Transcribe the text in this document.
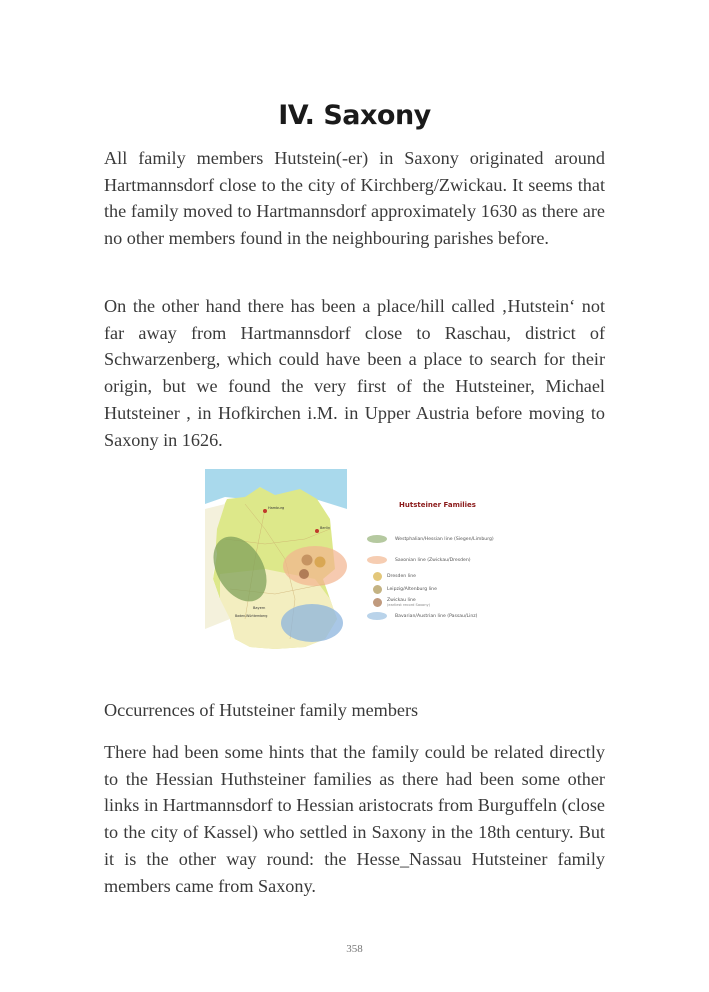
IV. Saxony

All family members Hutstein(-er) in Saxony originated around Hartmannsdorf close to the city of Kirchberg/Zwickau. It seems that the family moved to Hartmannsdorf approximately 1630 as there are no other members found in the neighbouring parishes before.

On the other hand there has been a place/hill called ‚Hutstein‘ not far away from Hartmannsdorf close to Raschau, district of Schwarzenberg, which could have been a place to search for their origin, but we found the very first of the Hutsteiner, Michael Hutsteiner , in Hofkirchen i.M. in Upper Austria before moving to Saxony in 1626.

Hamburg
Berlin
Bayern
Baden-Württemberg
Hutsteiner Families
Westphalian/Hessian line (Siegen/Limburg)
Saxonian line (Zwickau/Dresden)
Dresden line
Leipzig/Altenburg line
Zwickau line
(earliest record Saxony)
Bavarian/Austrian line (Passau/Linz)

Occurrences of Hutsteiner family members

There had been some hints that the family could be related directly to the Hessian Huthsteiner families as there had been some other links in Hartmannsdorf to Hessian aristocrats from Burguffeln (close to the city of Kassel) who settled in Saxony in the 18th century. But it is the other way round: the Hesse_Nassau Hutsteiner family members came from Saxony.

358
